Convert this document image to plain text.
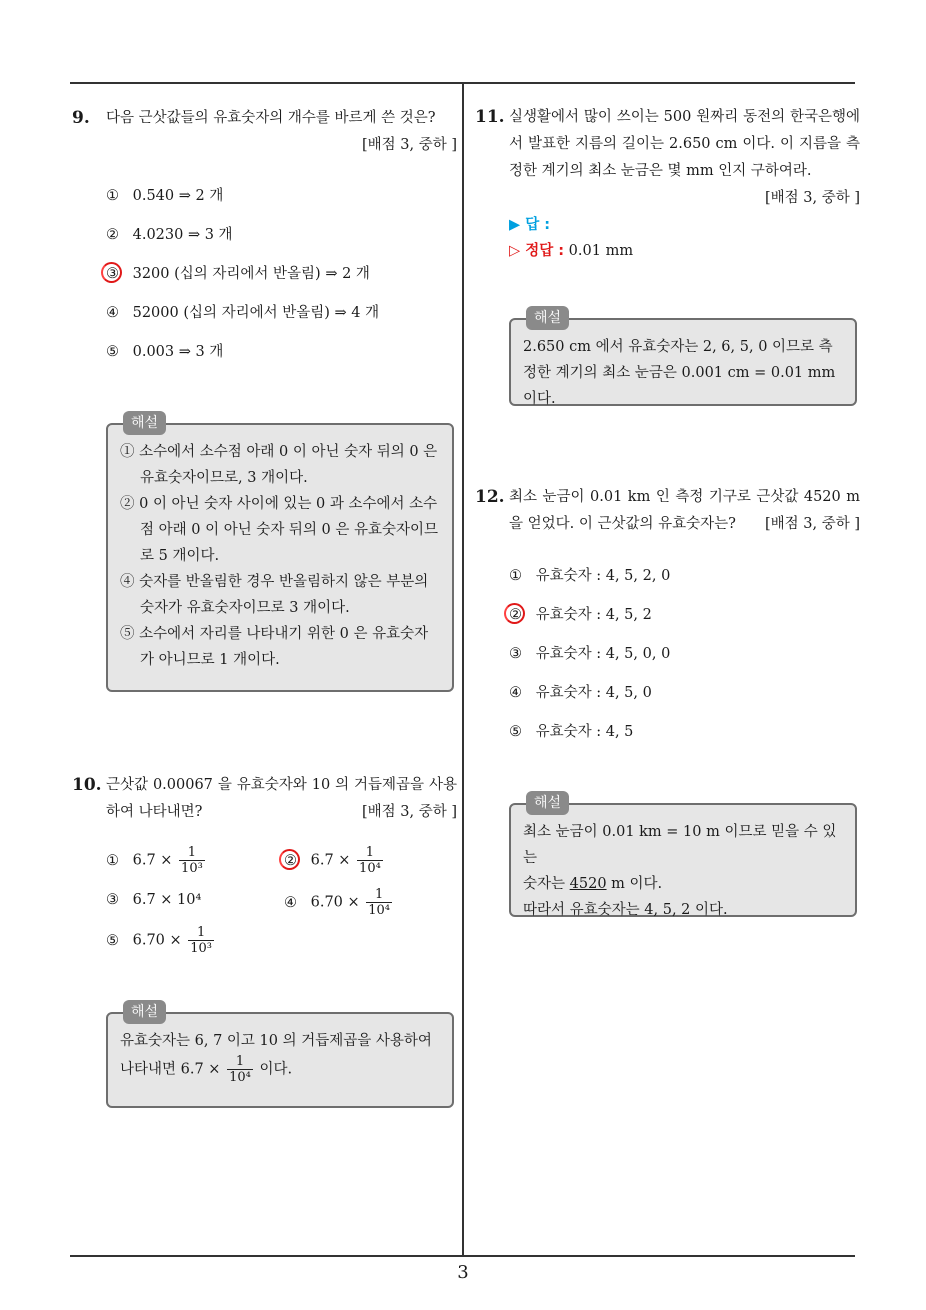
9. 다음 근삿값들의 유효숫자의 개수를 바르게 쓴 것은?
[배점 3, 중하 ]
① 0.540 ⇒ 2 개
② 4.0230 ⇒ 3 개
③ 3200 (십의 자리에서 반올림) ⇒ 2 개
④ 52000 (십의 자리에서 반올림) ⇒ 4 개
⑤ 0.003 ⇒ 3 개
해설
① 소수에서 소수점 아래 0 이 아닌 숫자 뒤의 0 은 유효숫자이므로, 3 개이다.
② 0 이 아닌 숫자 사이에 있는 0 과 소수에서 소수점 아래 0 이 아닌 숫자 뒤의 0 은 유효숫자이므로 5 개이다.
④ 숫자를 반올림한 경우 반올림하지 않은 부분의 숫자가 유효숫자이므로 3 개이다.
⑤ 소수에서 자리를 나타내기 위한 0 은 유효숫자가 아니므로 1 개이다.
10. 근삿값 0.00067 을 유효숫자와 10 의 거듭제곱을 사용하여 나타내면?	[배점 3, 중하 ]
① $6.7 \times \frac{1}{\text{10³}}$	② $6.7 \times \frac{1}{\text{10⁴}}$
③ 6.7 × 10⁴	④ $6.70 \times \frac{1}{\text{10⁴}}$
⑤ $6.70 \times \frac{1}{\text{10³}}$
해설
유효숫자는 6, 7 이고 10 의 거듭제곱을 사용하여
나타내면 $6.7 \times \frac{1}{\text{10⁴}}$ 이다.
11. 실생활에서 많이 쓰이는 500 원짜리 동전의 한국은행에서 발표한 지름의 길이는 2.650 cm 이다. 이 지름을 측정한 계기의 최소 눈금은 몇 mm 인지 구하여라.
[배점 3, 중하 ]
▶ 답 :
▷ 정답 : 0.01 mm
해설
2.650 cm 에서 유효숫자는 2, 6, 5, 0 이므로 측정한 계기의 최소 눈금은 0.001 cm = 0.01 mm 이다.
12. 최소 눈금이 0.01 km 인 측정 기구로 근삿값 4520 m 을 얻었다. 이 근삿값의 유효숫자는?	[배점 3, 중하 ]
① 유효숫자 : 4, 5, 2, 0
② 유효숫자 : 4, 5, 2
③ 유효숫자 : 4, 5, 0, 0
④ 유효숫자 : 4, 5, 0
⑤ 유효숫자 : 4, 5
해설
최소 눈금이 0.01 km = 10 m 이므로 믿을 수 있는
숫자는 4520 m 이다.
따라서 유효숫자는 4, 5, 2 이다.
3
